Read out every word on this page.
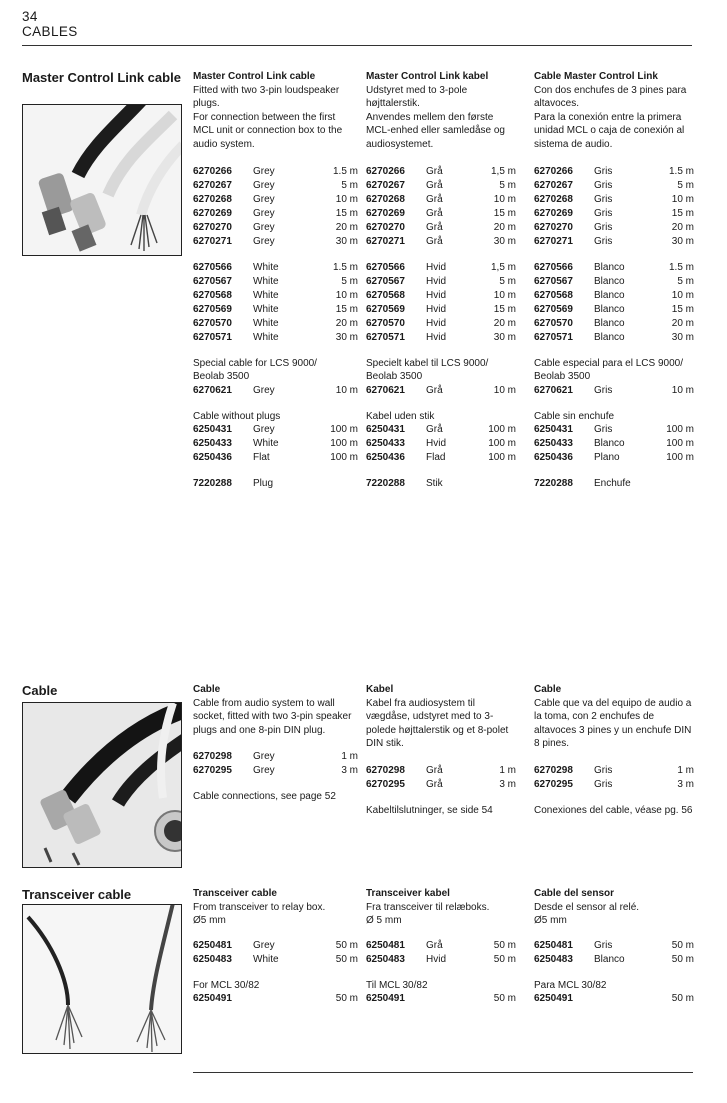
34
CABLES
Master Control Link cable Master Control Link cable
Fitted with two 3-pin loudspeaker plugs.
For connection between the first MCL unit or connection box to the audio system.
6270266	Grey	1.5 m
6270267	Grey	5 m
6270268	Grey	10 m
6270269	Grey	15 m
6270270	Grey	20 m
6270271	Grey	30 m
6270566	White	1.5 m
6270567	White	5 m
6270568	White	10 m
6270569	White	15 m
6270570	White	20 m
6270571	White	30 m
Special cable for LCS 9000/
Beolab 3500
6270621	Grey	10 m
Cable without plugs
6250431	Grey	100 m
6250433	White	100 m
6250436	Flat	100 m
7220288	Plug	
Master Control Link kabel
Udstyret med to 3-pole højttalerstik.
Anvendes mellem den første MCL-enhed eller samledåse og audiosystemet.
6270266	Grå	1,5 m
6270267	Grå	5 m
6270268	Grå	10 m
6270269	Grå	15 m
6270270	Grå	20 m
6270271	Grå	30 m
6270566	Hvid	1,5 m
6270567	Hvid	5 m
6270568	Hvid	10 m
6270569	Hvid	15 m
6270570	Hvid	20 m
6270571	Hvid	30 m
Specielt kabel til LCS 9000/
Beolab 3500
6270621	Grå	10 m
Kabel uden stik
6250431	Grå	100 m
6250433	Hvid	100 m
6250436	Flad	100 m
7220288	Stik	
Cable Master Control Link
Con dos enchufes de 3 pines para altavoces.
Para la conexión entre la primera unidad MCL o caja de conexión al sistema de audio.
6270266	Gris	1.5 m
6270267	Gris	5 m
6270268	Gris	10 m
6270269	Gris	15 m
6270270	Gris	20 m
6270271	Gris	30 m
6270566	Blanco	1.5 m
6270567	Blanco	5 m
6270568	Blanco	10 m
6270569	Blanco	15 m
6270570	Blanco	20 m
6270571	Blanco	30 m
Cable especial para el LCS 9000/
Beolab 3500
6270621	Gris	10 m
Cable sin enchufe
6250431	Gris	100 m
6250433	Blanco	100 m
6250436	Plano	100 m
7220288	Enchufe	
Cable	Cable
Cable from audio system to wall socket, fitted with two 3-pin speaker plugs and one 8-pin DIN plug.
6270298	Grey	1 m
6270295	Grey	3 m
Cable connections, see page 52
Kabel
Kabel fra audiosystem til vægdåse, udstyret med to 3-polede højttalerstik og et 8-polet DIN stik.
6270298	Grå	1 m
6270295	Grå	3 m
Kabeltilslutninger, se side 54
Cable
Cable que va del equipo de audio a la toma, con 2 enchufes de altavoces 3 pines y un enchufe DIN 8 pines.
6270298	Gris	1 m
6270295	Gris	3 m
Conexiones del cable, véase pg. 56
Transceiver cable	Transceiver cable
From transceiver to relay box.
Ø5 mm
6250481	Grey	50 m
6250483	White	50 m
For MCL 30/82
6250491		50 m
Transceiver kabel
Fra transceiver til relæboks.
Ø 5 mm
6250481	Grå	50 m
6250483	Hvid	50 m
Til MCL 30/82
6250491		50 m
Cable del sensor
Desde el sensor al relé.
Ø5 mm
6250481	Gris	50 m
6250483	Blanco	50 m
Para MCL 30/82
6250491		50 m
